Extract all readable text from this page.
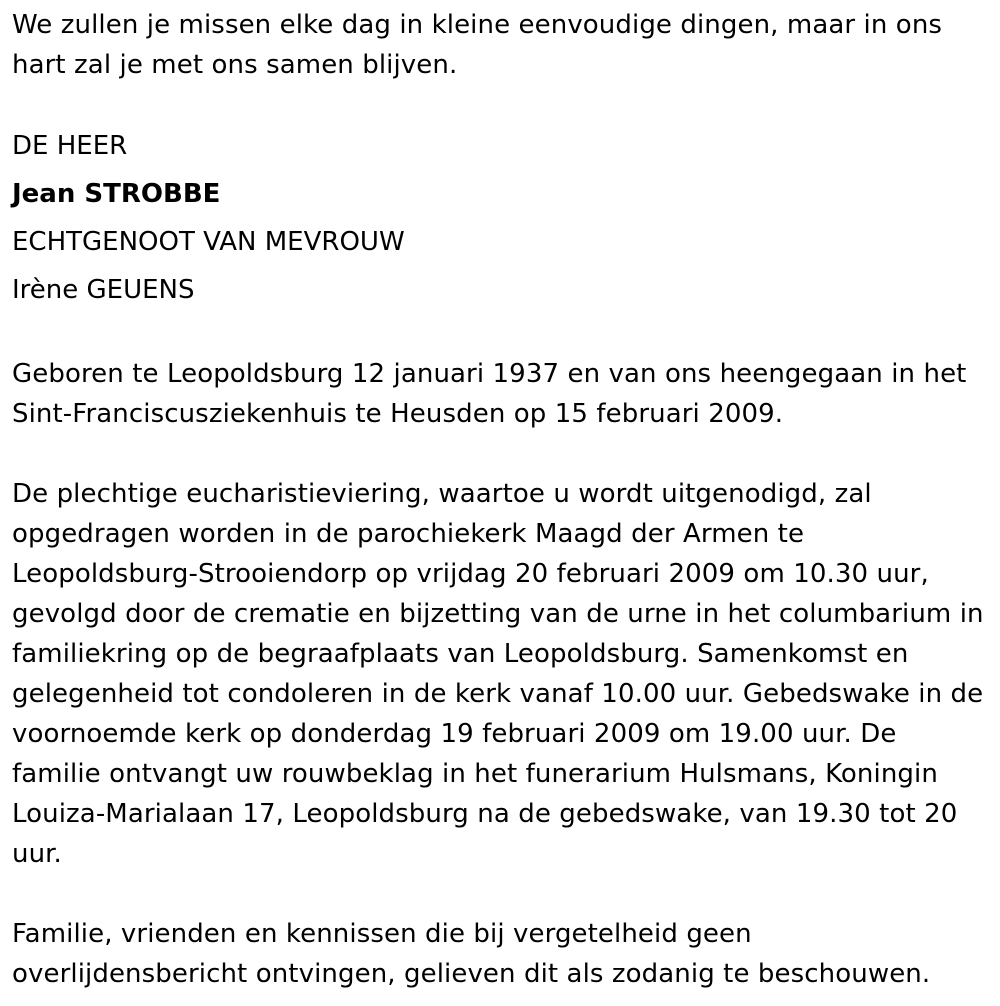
We zullen je missen elke dag in kleine eenvoudige dingen, maar in ons hart zal je met ons samen blijven.

DE HEER

Jean STROBBE

ECHTGENOOT VAN MEVROUW

Irène GEUENS

Geboren te Leopoldsburg 12 januari 1937 en van ons heengegaan in het Sint-Franciscusziekenhuis te Heusden op 15 februari 2009.

De plechtige eucharistieviering, waartoe u wordt uitgenodigd, zal opgedragen worden in de parochiekerk Maagd der Armen te Leopoldsburg-Strooiendorp op vrijdag 20 februari 2009 om 10.30 uur, gevolgd door de crematie en bijzetting van de urne in het columbarium in familiekring op de begraafplaats van Leopoldsburg. Samenkomst en gelegenheid tot condoleren in de kerk vanaf 10.00 uur. Gebedswake in de voornoemde kerk op donderdag 19 februari 2009 om 19.00 uur. De familie ontvangt uw rouwbeklag in het funerarium Hulsmans, Koningin Louiza-Marialaan 17, Leopoldsburg na de gebedswake, van 19.30 tot 20 uur.

Familie, vrienden en kennissen die bij vergetelheid geen overlijdensbericht ontvingen, gelieven dit als zodanig te beschouwen.
